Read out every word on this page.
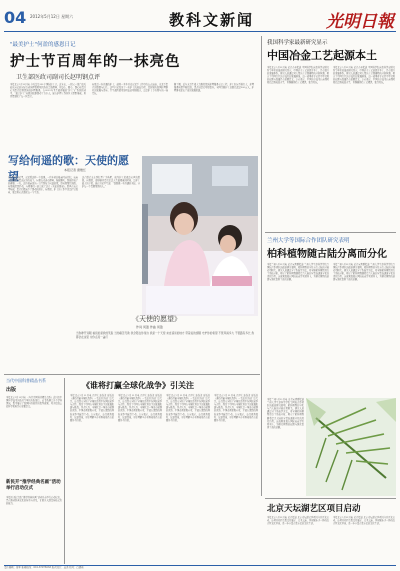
04 2012年5月12日 星期六	教科文新闻	光明日報
"最美护士"何盈的感恩日记
护士节百周年的一抹亮色
卫生部医政司副司长赵明钢点评
本报北京5月11日电 今天是第101个国际护士节。近年来，一批又一批白衣天使以自己的实际行动诠释着救死扶伤的崇高精神，用爱心、耐心、细心和责任心为患者提供优质的护理服务。在2012年卫生部开展的“护士节”系列活动中，“最美护士”何盈的故事感动了许多人。她在护理工作岗位上默默奉献，用真情温暖了每一位患者。
何盈是一名普通的护士，她用一本本日记记录下工作中的点点滴滴，记录下患者的感激与信任。这些日记见证了一名护士的成长历程，也折射出我国护理事业的发展与进步。卫生部医政司副司长赵明钢表示，这是护士节百周年的一抹亮色。
据了解，近年来卫生部大力推进优质护理服务示范工程，护士队伍不断壮大，护理服务质量不断提高，患者满意度明显提升。全国注册护士总数已超过200万人，护理事业迎来了新的发展机遇。
写给何遥的歌：天使的愿望	本报记者 唐维红
在何盈的日记里，记录着这样一个故事。一位年轻的母亲因病住院，病床上的她时常思念远方的孩子。何盈每天悉心照料，陪她聊天，给她讲孩子的趣事。一天，这位母亲拿出一首写给孩子何遥的歌，请何盈帮忙谱曲。何盈被深深打动，与同事们一起完成了这首《天使的愿望》。歌声在病房里响起，患者们都流下了感动的泪水。何盈说，护士的工作不仅是打针发药，更是用心去温暖每一个生命。
这首歌后来在医院里广为传唱，成为护士们表达心声的歌曲。何盈说，能够陪伴患者走过人生最艰难的时刻，是护士最大的幸福。她在日记中写道：“我愿做一名普通的天使，守护每一个需要帮助的人。”
《天使的愿望》
作词 何盈 作曲 何盈
当你睁开双眼 看到的是我的笑脸 当你痛苦无助 我会陪在你身边 我是一个天使 来自遥远的地方 带着爱的翅膀 守护你的希望 不管风雨多大 不管路有多长 我都会在这里 为你点亮一盏灯
我国科学家最新研究显示
中国冶金工艺起源本土
本报北京5月11日电 记者齐芳报道 中国科学院自然科学史研究所等单位的最新研究显示，中国冶金工艺起源于本土，具有独立的发展体系。研究人员通过对大量出土金属器物的分析检测，揭示了中国古代冶金技术的发展脉络。这一成果对于认识中华文明的起源与发展具有重要意义。专家表示，中国冶金技术在商周时期已达到较高水平，青铜器铸造工艺精湛，独具特色。
本报北京5月11日电 记者齐芳报道 中国科学院自然科学史研究所等单位的最新研究显示，中国冶金工艺起源于本土，具有独立的发展体系。研究人员通过对大量出土金属器物的分析检测，揭示了中国古代冶金技术的发展脉络。这一成果对于认识中华文明的起源与发展具有重要意义。专家表示，中国冶金技术在商周时期已达到较高水平，青铜器铸造工艺精湛，独具特色。
兰州大学等国际合作团队研究表明
柏科植物随古陆分离而分化
本报兰州5月11日电 记者宋喜群报道 兰州大学生命科学学院等国际合作团队的最新研究表明，柏科植物的分化与古大陆的分离密切相关。研究人员通过分子系统学方法，对全球柏科植物进行了系统分析，揭示了柏科植物随着盘古大陆的分裂而逐渐分化的进化历程。该成果发表在国际权威学术期刊上，为研究植物的起源与演化提供了新的证据。
本报兰州5月11日电 记者宋喜群报道 兰州大学生命科学学院等国际合作团队的最新研究表明，柏科植物的分化与古大陆的分离密切相关。研究人员通过分子系统学方法，对全球柏科植物进行了系统分析，揭示了柏科植物随着盘古大陆的分裂而逐渐分化的进化历程。该成果发表在国际权威学术期刊上，为研究植物的起源与演化提供了新的证据。
本报兰州5月11日电 记者宋喜群报道 兰州大学生命科学学院等国际合作团队的最新研究表明，柏科植物的分化与古大陆的分离密切相关。研究人员通过分子系统学方法，对全球柏科植物进行了系统分析，揭示了柏科植物随着盘古大陆的分裂而逐渐分化的进化历程。该成果发表在国际权威学术期刊上，为研究植物的起源与演化提供了新的证据。
北京天坛湖艺区项目启动
本报北京5月11日电 记者报道 北京天坛湖艺区项目今日正式启动。该项目将打造集文化展示、艺术交流、休闲娱乐于一体的综合性文化区域，进一步丰富首都市民的文化生活。
本报北京5月11日电 记者报道 北京天坛湖艺区项目今日正式启动。该项目将打造集文化展示、艺术交流、休闲娱乐于一体的综合性文化区域，进一步丰富首都市民的文化生活。
当代中国科普精品书系
出版
本报北京5月11日电 《当代中国科普精品书系》近日由中国科学技术出版社等单位出版发行。该书系涵盖多个学科领域，集中展示了我国科普创作的优秀成果，对于提高公众科学素质具有重要意义。
新民开“推学经典名画”活动举行启动仪式
本报讯 新民书院“推学经典名画”活动日前举行启动仪式，旨在推动经典文化的传承与普及，让更多人感受传统艺术的魅力。
《谁将打赢全球化战争》引关注
本报北京5月11日电 由中信出版社出版的《谁将打赢全球化战争》一书近日引起广泛关注。该书深入分析了全球化进程中各国的竞争与合作，探讨了中国在全球化背景下的发展机遇与挑战。作者认为，全球化是一场没有硝烟的战争，中国必须积极应对，才能在激烈的国际竞争中赢得主动。专家表示，该书视角独特、论述深刻，对于理解当今世界格局具有重要参考价值。
本报北京5月11日电 由中信出版社出版的《谁将打赢全球化战争》一书近日引起广泛关注。该书深入分析了全球化进程中各国的竞争与合作，探讨了中国在全球化背景下的发展机遇与挑战。作者认为，全球化是一场没有硝烟的战争，中国必须积极应对，才能在激烈的国际竞争中赢得主动。专家表示，该书视角独特、论述深刻，对于理解当今世界格局具有重要参考价值。
本报北京5月11日电 由中信出版社出版的《谁将打赢全球化战争》一书近日引起广泛关注。该书深入分析了全球化进程中各国的竞争与合作，探讨了中国在全球化背景下的发展机遇与挑战。作者认为，全球化是一场没有硝烟的战争，中国必须积极应对，才能在激烈的国际竞争中赢得主动。专家表示，该书视角独特、论述深刻，对于理解当今世界格局具有重要参考价值。
本报北京5月11日电 由中信出版社出版的《谁将打赢全球化战争》一书近日引起广泛关注。该书深入分析了全球化进程中各国的竞争与合作，探讨了中国在全球化背景下的发展机遇与挑战。作者认为，全球化是一场没有硝烟的战争，中国必须积极应对，才能在激烈的国际竞争中赢得主动。专家表示，该书视角独特、论述深刻，对于理解当今世界格局具有重要参考价值。
责任编辑：章军 新闻热线：010-67078263 版式设计：庞洪 校对：白德艳
